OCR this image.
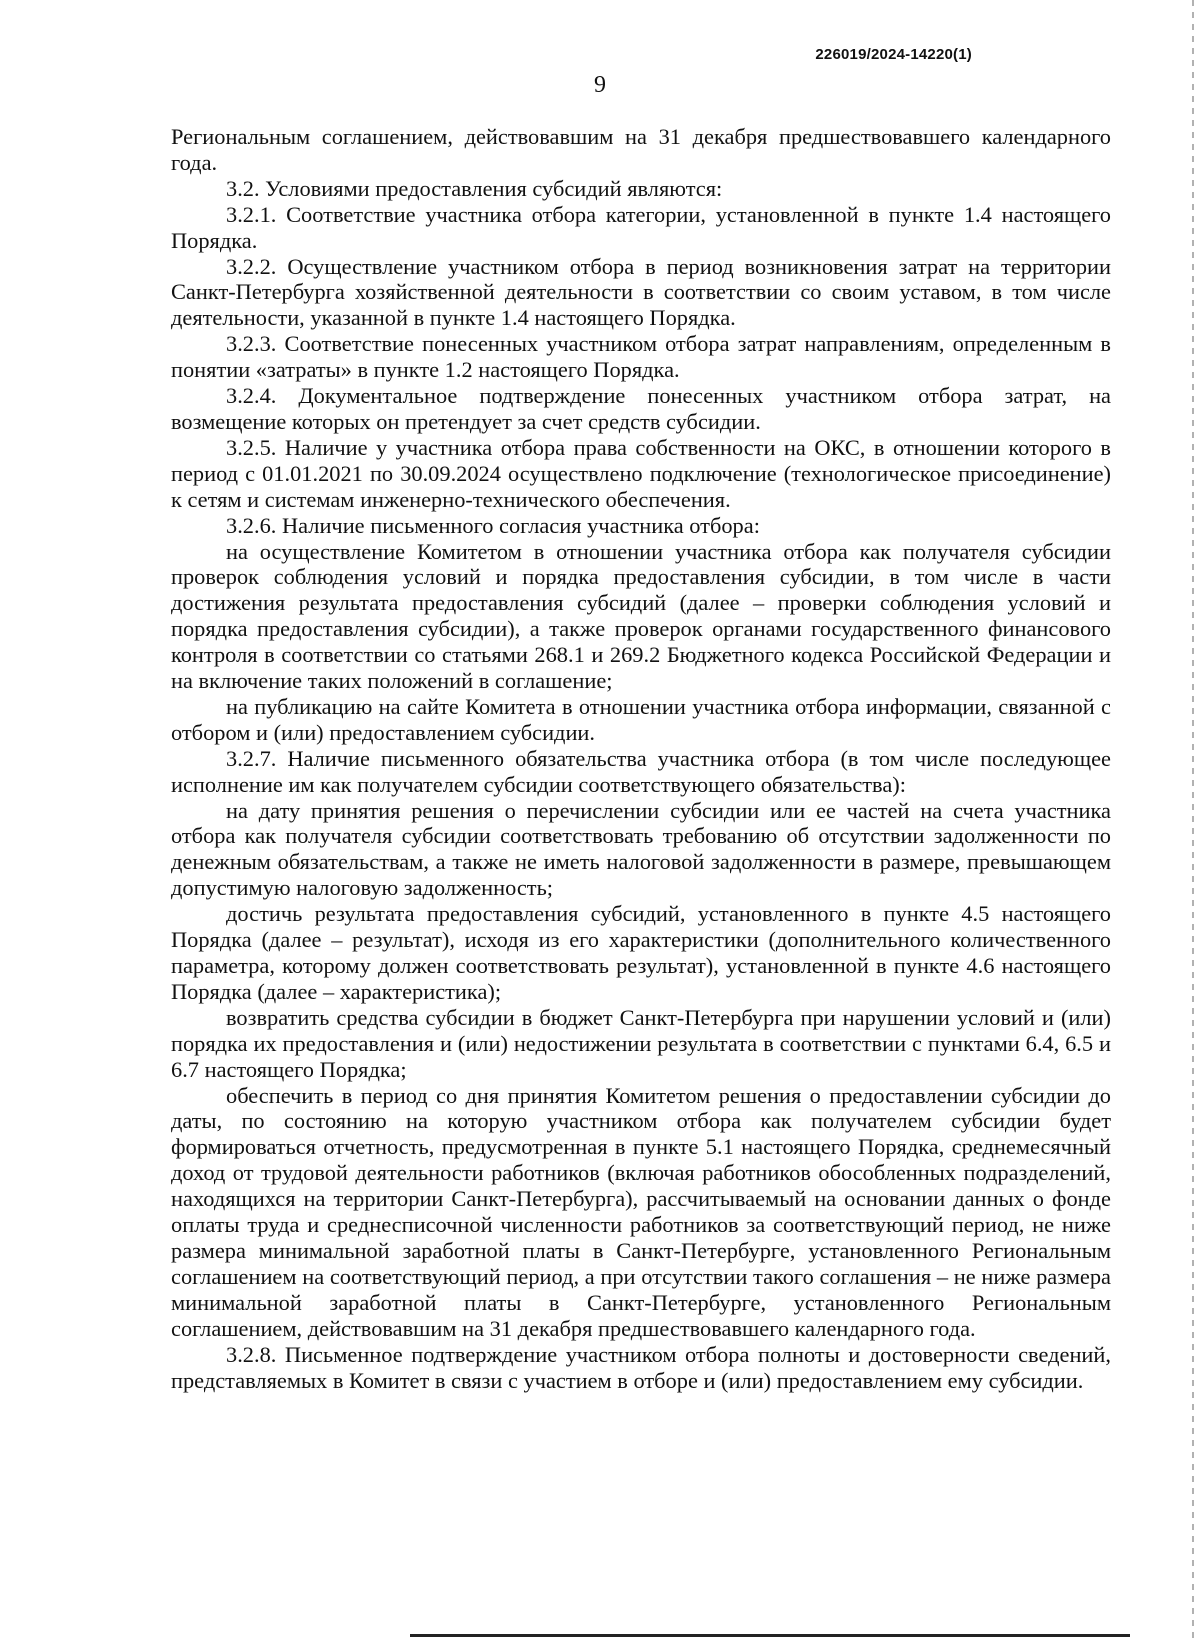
226019/2024-14220(1)
9

Региональным соглашением, действовавшим на 31 декабря предшествовавшего календарного года.

3.2. Условиями предоставления субсидий являются:

3.2.1. Соответствие участника отбора категории, установленной в пункте 1.4 настоящего Порядка.

3.2.2. Осуществление участником отбора в период возникновения затрат на территории Санкт-Петербурга хозяйственной деятельности в соответствии со своим уставом, в том числе деятельности, указанной в пункте 1.4 настоящего Порядка.

3.2.3. Соответствие понесенных участником отбора затрат направлениям, определенным в понятии «затраты» в пункте 1.2 настоящего Порядка.

3.2.4. Документальное подтверждение понесенных участником отбора затрат, на возмещение которых он претендует за счет средств субсидии.

3.2.5. Наличие у участника отбора права собственности на ОКС, в отношении которого в период с 01.01.2021 по 30.09.2024 осуществлено подключение (технологическое присоединение) к сетям и системам инженерно-технического обеспечения.

3.2.6. Наличие письменного согласия участника отбора:

на осуществление Комитетом в отношении участника отбора как получателя субсидии проверок соблюдения условий и порядка предоставления субсидии, в том числе в части достижения результата предоставления субсидий (далее – проверки соблюдения условий и порядка предоставления субсидии), а также проверок органами государственного финансового контроля в соответствии со статьями 268.1 и 269.2 Бюджетного кодекса Российской Федерации и на включение таких положений в соглашение;

на публикацию на сайте Комитета в отношении участника отбора информации, связанной с отбором и (или) предоставлением субсидии.

3.2.7. Наличие письменного обязательства участника отбора (в том числе последующее исполнение им как получателем субсидии соответствующего обязательства):

на дату принятия решения о перечислении субсидии или ее частей на счета участника отбора как получателя субсидии соответствовать требованию об отсутствии задолженности по денежным обязательствам, а также не иметь налоговой задолженности в размере, превышающем допустимую налоговую задолженность;

достичь результата предоставления субсидий, установленного в пункте 4.5 настоящего Порядка (далее – результат), исходя из его характеристики (дополнительного количественного параметра, которому должен соответствовать результат), установленной в пункте 4.6 настоящего Порядка (далее – характеристика);

возвратить средства субсидии в бюджет Санкт-Петербурга при нарушении условий и (или) порядка их предоставления и (или) недостижении результата в соответствии с пунктами 6.4, 6.5 и 6.7 настоящего Порядка;

обеспечить в период со дня принятия Комитетом решения о предоставлении субсидии до даты, по состоянию на которую участником отбора как получателем субсидии будет формироваться отчетность, предусмотренная в пункте 5.1 настоящего Порядка, среднемесячный доход от трудовой деятельности работников (включая работников обособленных подразделений, находящихся на территории Санкт-Петербурга), рассчитываемый на основании данных о фонде оплаты труда и среднесписочной численности работников за соответствующий период, не ниже размера минимальной заработной платы в Санкт-Петербурге, установленного Региональным соглашением на соответствующий период, а при отсутствии такого соглашения – не ниже размера минимальной заработной платы в Санкт-Петербурге, установленного Региональным соглашением, действовавшим на 31 декабря предшествовавшего календарного года.

3.2.8. Письменное подтверждение участником отбора полноты и достоверности сведений, представляемых в Комитет в связи с участием в отборе и (или) предоставлением ему субсидии.
